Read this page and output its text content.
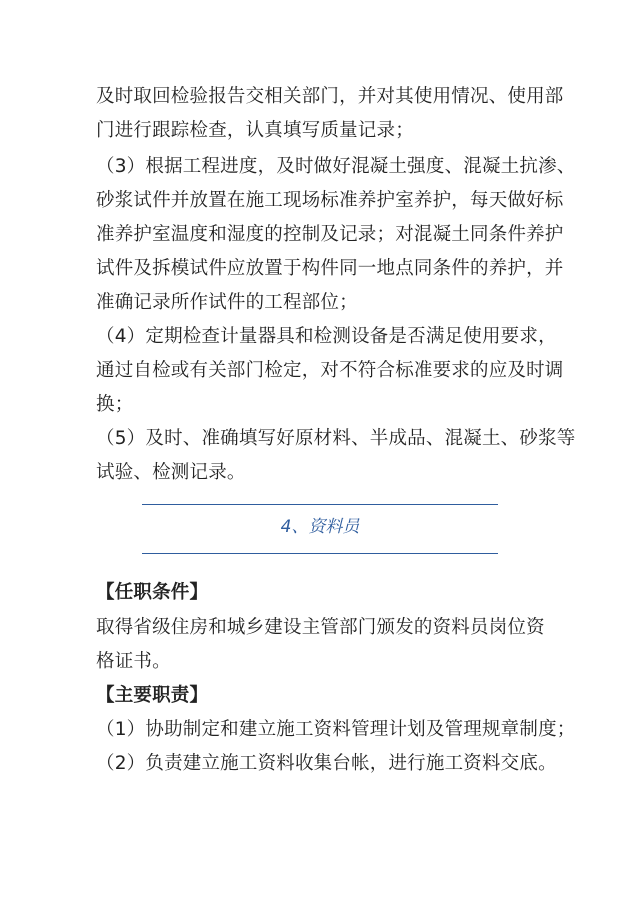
及时取回检验报告交相关部门，并对其使用情况、使用部
门进行跟踪检查，认真填写质量记录；
（3）根据工程进度，及时做好混凝土强度、混凝土抗渗、
砂浆试件并放置在施工现场标准养护室养护，每天做好标
准养护室温度和湿度的控制及记录；对混凝土同条件养护
试件及拆模试件应放置于构件同一地点同条件的养护，并
准确记录所作试件的工程部位；
（4）定期检查计量器具和检测设备是否满足使用要求，
通过自检或有关部门检定，对不符合标准要求的应及时调
换；
（5）及时、准确填写好原材料、半成品、混凝土、砂浆等
试验、检测记录。
4、资料员
【任职条件】
取得省级住房和城乡建设主管部门颁发的资料员岗位资
格证书。
【主要职责】
（1）协助制定和建立施工资料管理计划及管理规章制度；
（2）负责建立施工资料收集台帐，进行施工资料交底。
